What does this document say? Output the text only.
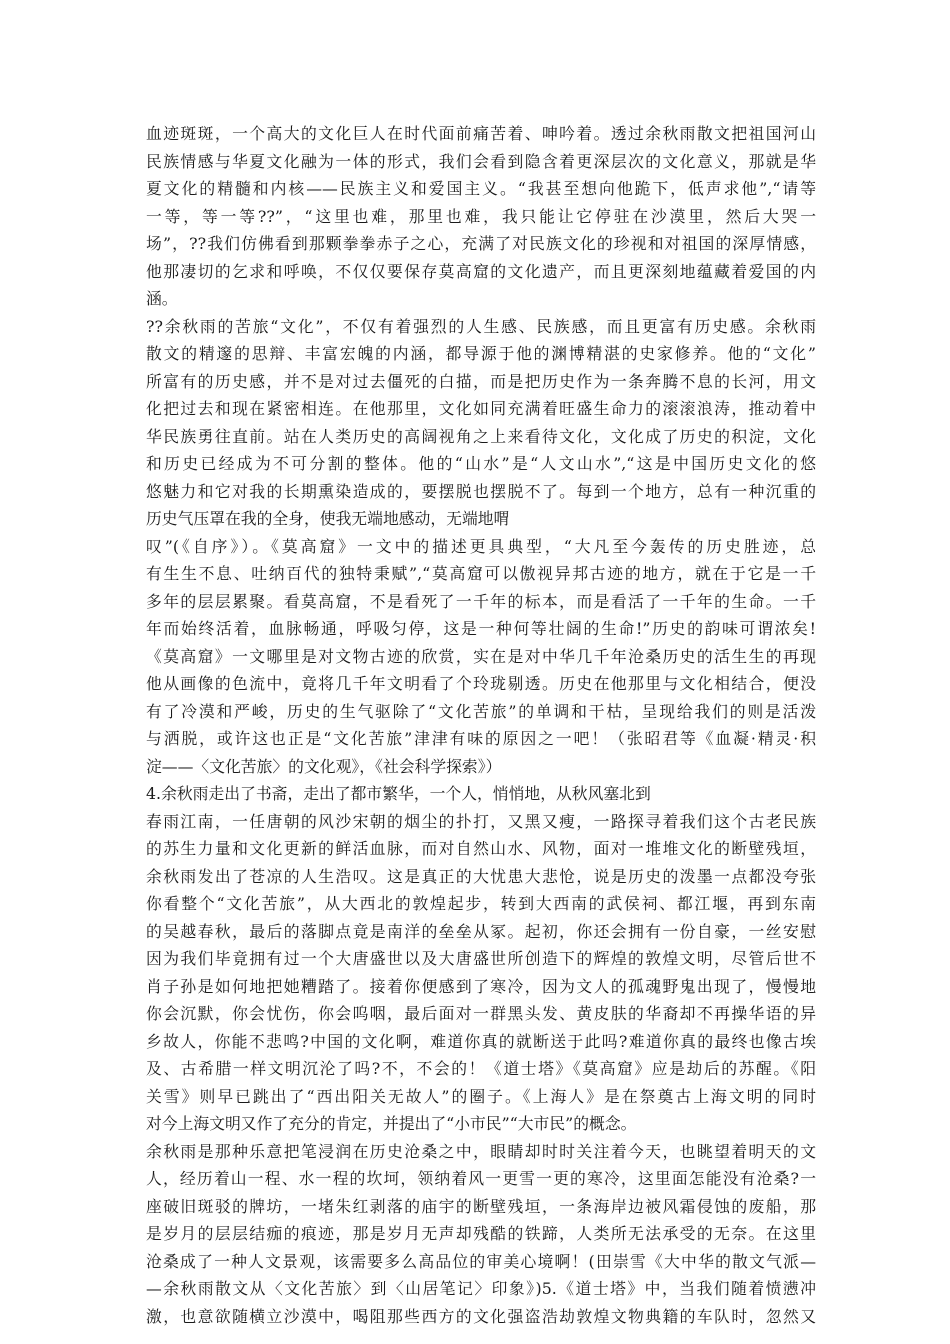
血迹斑斑，一个高大的文化巨人在时代面前痛苦着、呻吟着。透过余秋雨散文把祖国河山
民族情感与华夏文化融为一体的形式，我们会看到隐含着更深层次的文化意义，那就是华
夏文化的精髓和内核——民族主义和爱国主义。“我甚至想向他跪下，低声求他”,“请等
一等，等一等??”，“这里也难，那里也难，我只能让它停驻在沙漠里，然后大哭一
场”，??我们仿佛看到那颗拳拳赤子之心，充满了对民族文化的珍视和对祖国的深厚情感，
他那凄切的乞求和呼唤，不仅仅要保存莫高窟的文化遗产，而且更深刻地蕴藏着爱国的内
涵。
??余秋雨的苦旅“文化”，不仅有着强烈的人生感、民族感，而且更富有历史感。余秋雨
散文的精邃的思辩、丰富宏魄的内涵，都导源于他的渊博精湛的史家修养。他的“文化”
所富有的历史感，并不是对过去僵死的白描，而是把历史作为一条奔腾不息的长河，用文
化把过去和现在紧密相连。在他那里，文化如同充满着旺盛生命力的滚滚浪涛，推动着中
华民族勇往直前。站在人类历史的高阔视角之上来看待文化，文化成了历史的积淀，文化
和历史已经成为不可分割的整体。他的“山水”是“人文山水”,“这是中国历史文化的悠
悠魅力和它对我的长期熏染造成的，要摆脱也摆脱不了。每到一个地方，总有一种沉重的
历史气压罩在我的全身，使我无端地感动，无端地喟
叹”(《自序》）。《莫高窟》一文中的描述更具典型，“大凡至今轰传的历史胜迹，总
有生生不息、吐纳百代的独特秉赋”,“莫高窟可以傲视异邦古迹的地方，就在于它是一千
多年的层层累聚。看莫高窟，不是看死了一千年的标本，而是看活了一千年的生命。一千
年而始终活着，血脉畅通，呼吸匀停，这是一种何等壮阔的生命!”历史的韵味可谓浓矣!
《莫高窟》一文哪里是对文物古迹的欣赏，实在是对中华几千年沧桑历史的活生生的再现
他从画像的色流中，竟将几千年文明看了个玲珑剔透。历史在他那里与文化相结合，便没
有了冷漠和严峻，历史的生气驱除了“文化苦旅”的单调和干枯，呈现给我们的则是活泼
与洒脱，或许这也正是“文化苦旅”津津有味的原因之一吧！（张昭君等《血凝·精灵·积
淀——〈文化苦旅〉的文化观》，《社会科学探索》）
4.余秋雨走出了书斋，走出了都市繁华，一个人，悄悄地，从秋风塞北到
春雨江南，一任唐朝的风沙宋朝的烟尘的扑打，又黑又瘦，一路探寻着我们这个古老民族
的苏生力量和文化更新的鲜活血脉，而对自然山水、风物，面对一堆堆文化的断壁残垣，
余秋雨发出了苍凉的人生浩叹。这是真正的大忧患大悲怆，说是历史的泼墨一点都没夸张
你看整个“文化苦旅”，从大西北的敦煌起步，转到大西南的武侯祠、都江堰，再到东南
的吴越春秋，最后的落脚点竟是南洋的垒垒从冢。起初，你还会拥有一份自豪，一丝安慰
因为我们毕竟拥有过一个大唐盛世以及大唐盛世所创造下的辉煌的敦煌文明，尽管后世不
肖子孙是如何地把她糟踏了。接着你便感到了寒冷，因为文人的孤魂野鬼出现了，慢慢地
你会沉默，你会忧伤，你会呜咽，最后面对一群黑头发、黄皮肤的华裔却不再操华语的异
乡故人，你能不悲鸣?中国的文化啊，难道你真的就断送于此吗?难道你真的最终也像古埃
及、古希腊一样文明沉沦了吗?不，不会的！《道士塔》《莫高窟》应是劫后的苏醒。《阳
关雪》则早已跳出了“西出阳关无故人”的圈子。《上海人》是在祭奠古上海文明的同时
对今上海文明又作了充分的肯定，并提出了“小市民”“大市民”的概念。
余秋雨是那种乐意把笔浸润在历史沧桑之中，眼睛却时时关注着今天，也眺望着明天的文
人，经历着山一程、水一程的坎坷，领纳着风一更雪一更的寒冷，这里面怎能没有沧桑?一
座破旧斑驳的牌坊，一堵朱红剥落的庙宇的断壁残垣，一条海岸边被风霜侵蚀的废船，那
是岁月的层层结痂的痕迹，那是岁月无声却残酷的铁蹄，人类所无法承受的无奈。在这里
沧桑成了一种人文景观，该需要多么高品位的审美心境啊！(田崇雪《大中华的散文气派—
—余秋雨散文从〈文化苦旅〉到〈山居笔记〉印象》)5.《道士塔》中，当我们随着愤懑冲
激，也意欲随横立沙漠中，喝阻那些西方的文化强盗浩劫敦煌文物典籍的车队时，忽然又
